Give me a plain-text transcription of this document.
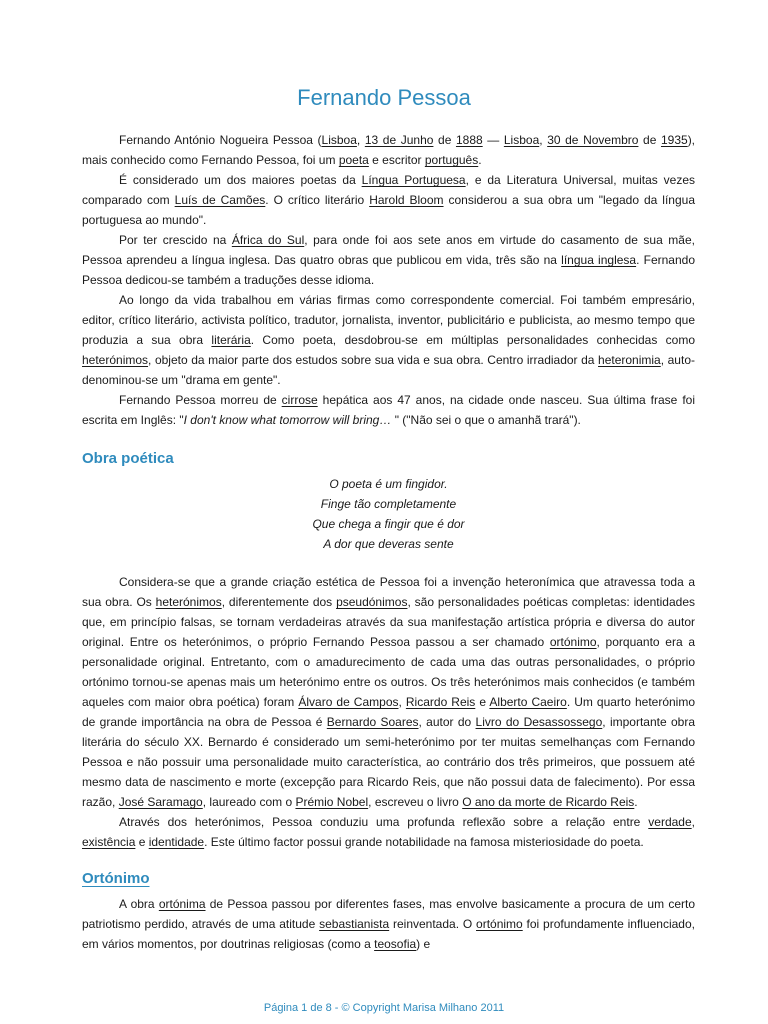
Fernando Pessoa

Fernando António Nogueira Pessoa (Lisboa, 13 de Junho de 1888 — Lisboa, 30 de Novembro de 1935), mais conhecido como Fernando Pessoa, foi um poeta e escritor português.

É considerado um dos maiores poetas da Língua Portuguesa, e da Literatura Universal, muitas vezes comparado com Luís de Camões. O crítico literário Harold Bloom considerou a sua obra um "legado da língua portuguesa ao mundo".

Por ter crescido na África do Sul, para onde foi aos sete anos em virtude do casamento de sua mãe, Pessoa aprendeu a língua inglesa. Das quatro obras que publicou em vida, três são na língua inglesa. Fernando Pessoa dedicou-se também a traduções desse idioma.

Ao longo da vida trabalhou em várias firmas como correspondente comercial. Foi também empresário, editor, crítico literário, activista político, tradutor, jornalista, inventor, publicitário e publicista, ao mesmo tempo que produzia a sua obra literária. Como poeta, desdobrou-se em múltiplas personalidades conhecidas como heterónimos, objeto da maior parte dos estudos sobre sua vida e sua obra. Centro irradiador da heteronimia, auto-denominou-se um "drama em gente".

Fernando Pessoa morreu de cirrose hepática aos 47 anos, na cidade onde nasceu. Sua última frase foi escrita em Inglês: "I don't know what tomorrow will bring… " ("Não sei o que o amanhã trará").

Obra poética
O poeta é um fingidor.
Finge tão completamente
Que chega a fingir que é dor
A dor que deveras sente

Considera-se que a grande criação estética de Pessoa foi a invenção heteronímica que atravessa toda a sua obra. Os heterónimos, diferentemente dos pseudónimos, são personalidades poéticas completas: identidades que, em princípio falsas, se tornam verdadeiras através da sua manifestação artística própria e diversa do autor original. Entre os heterónimos, o próprio Fernando Pessoa passou a ser chamado ortónimo, porquanto era a personalidade original. Entretanto, com o amadurecimento de cada uma das outras personalidades, o próprio ortónimo tornou-se apenas mais um heterónimo entre os outros. Os três heterónimos mais conhecidos (e também aqueles com maior obra poética) foram Álvaro de Campos, Ricardo Reis e Alberto Caeiro. Um quarto heterónimo de grande importância na obra de Pessoa é Bernardo Soares, autor do Livro do Desassossego, importante obra literária do século XX. Bernardo é considerado um semi-heterónimo por ter muitas semelhanças com Fernando Pessoa e não possuir uma personalidade muito característica, ao contrário dos três primeiros, que possuem até mesmo data de nascimento e morte (excepção para Ricardo Reis, que não possui data de falecimento). Por essa razão, José Saramago, laureado com o Prémio Nobel, escreveu o livro O ano da morte de Ricardo Reis.

Através dos heterónimos, Pessoa conduziu uma profunda reflexão sobre a relação entre verdade, existência e identidade. Este último factor possui grande notabilidade na famosa misteriosidade do poeta.

Ortónimo

A obra ortónima de Pessoa passou por diferentes fases, mas envolve basicamente a procura de um certo patriotismo perdido, através de uma atitude sebastianista reinventada. O ortónimo foi profundamente influenciado, em vários momentos, por doutrinas religiosas (como a teosofia) e

Página 1 de 8 - © Copyright Marisa Milhano 2011
